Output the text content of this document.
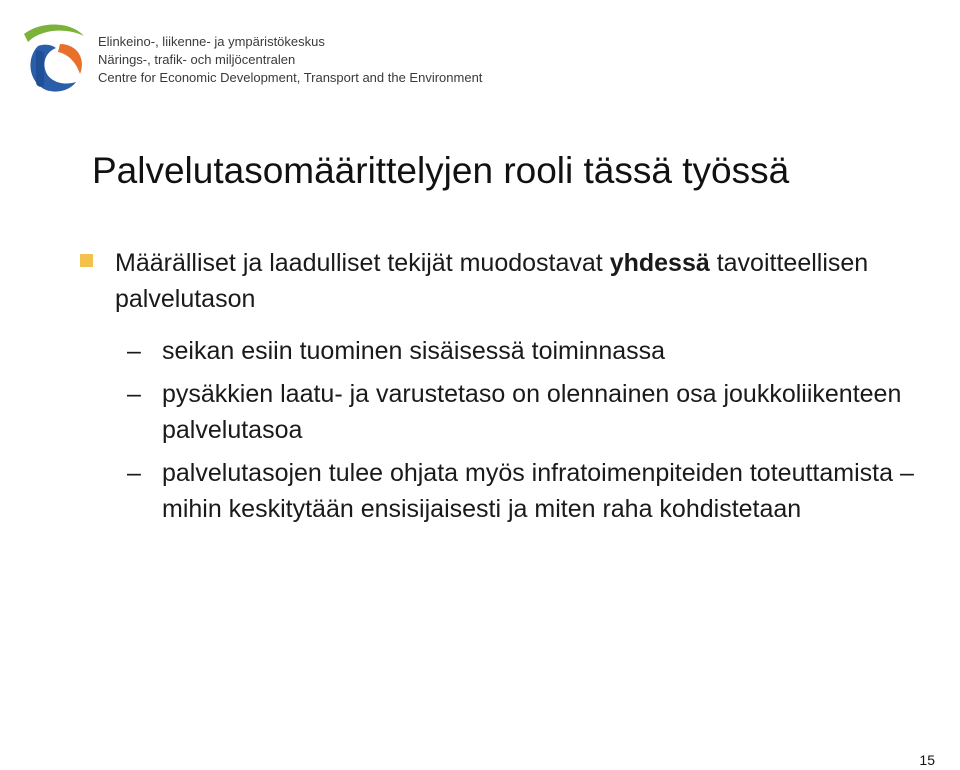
Elinkeino-, liikenne- ja ympäristökeskus
Närings-, trafik- och miljöcentralen
Centre for Economic Development, Transport and the Environment
Palvelutasomäärittelyjen rooli tässä työssä
Määrälliset ja laadulliset tekijät muodostavat yhdessä tavoitteellisen palvelutason
– seikan esiin tuominen sisäisessä toiminnassa
– pysäkkien laatu- ja varustetaso on olennainen osa joukkoliikenteen palvelutasoa
– palvelutasojen tulee ohjata myös infratoimenpiteiden toteuttamista – mihin keskitytään ensisijaisesti ja miten raha kohdistetaan
15
